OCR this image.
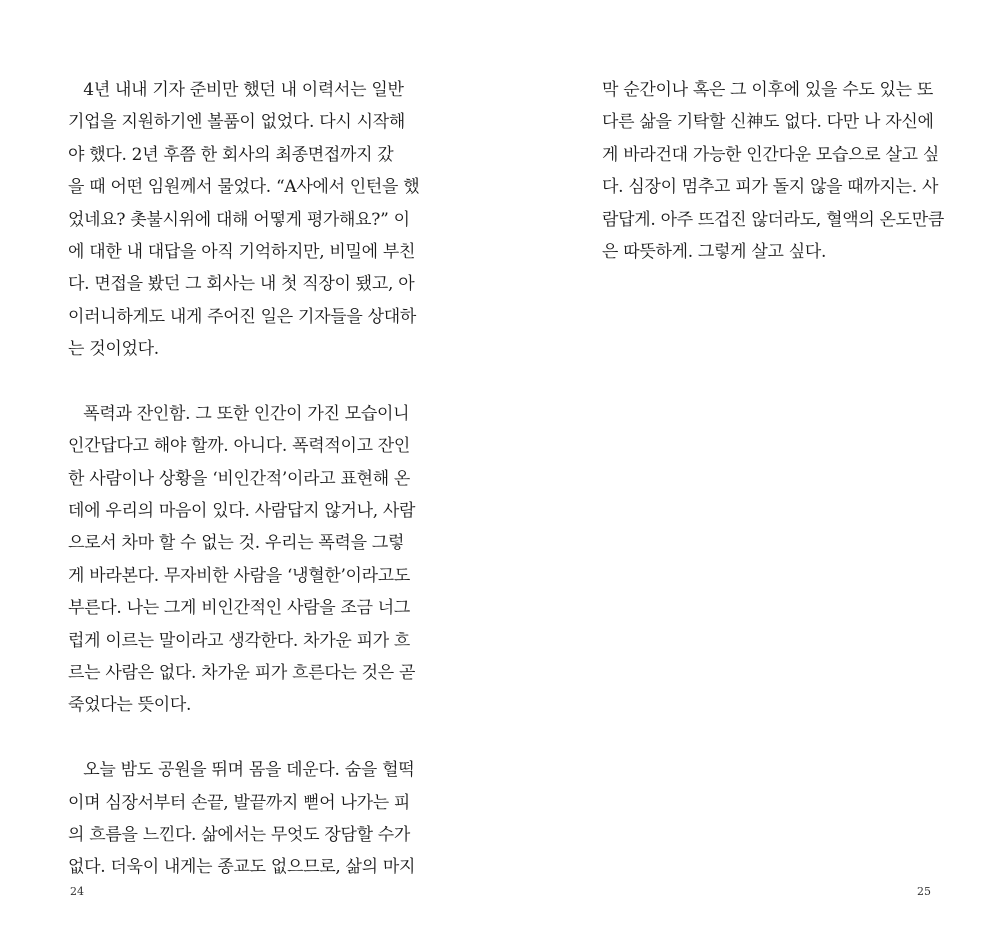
4년 내내 기자 준비만 했던 내 이력서는 일반
기업을 지원하기엔 볼품이 없었다. 다시 시작해
야 했다. 2년 후쯤 한 회사의 최종면접까지 갔
을 때 어떤 임원께서 물었다. “A사에서 인턴을 했
었네요? 촛불시위에 대해 어떻게 평가해요?” 이
에 대한 내 대답을 아직 기억하지만, 비밀에 부친
다. 면접을 봤던 그 회사는 내 첫 직장이 됐고, 아
이러니하게도 내게 주어진 일은 기자들을 상대하
는 것이었다.
폭력과 잔인함. 그 또한 인간이 가진 모습이니
인간답다고 해야 할까. 아니다. 폭력적이고 잔인
한 사람이나 상황을 ‘비인간적’이라고 표현해 온
데에 우리의 마음이 있다. 사람답지 않거나, 사람
으로서 차마 할 수 없는 것. 우리는 폭력을 그렇
게 바라본다. 무자비한 사람을 ‘냉혈한’이라고도
부른다. 나는 그게 비인간적인 사람을 조금 너그
럽게 이르는 말이라고 생각한다. 차가운 피가 흐
르는 사람은 없다. 차가운 피가 흐른다는 것은 곧
죽었다는 뜻이다.
오늘 밤도 공원을 뛰며 몸을 데운다. 숨을 헐떡
이며 심장서부터 손끝, 발끝까지 뻗어 나가는 피
의 흐름을 느낀다. 삶에서는 무엇도 장담할 수가
없다. 더욱이 내게는 종교도 없으므로, 삶의 마지
24
막 순간이나 혹은 그 이후에 있을 수도 있는 또
다른 삶을 기탁할 신神도 없다. 다만 나 자신에
게 바라건대 가능한 인간다운 모습으로 살고 싶
다. 심장이 멈추고 피가 돌지 않을 때까지는. 사
람답게. 아주 뜨겁진 않더라도, 혈액의 온도만큼
은 따뜻하게. 그렇게 살고 싶다.
25
